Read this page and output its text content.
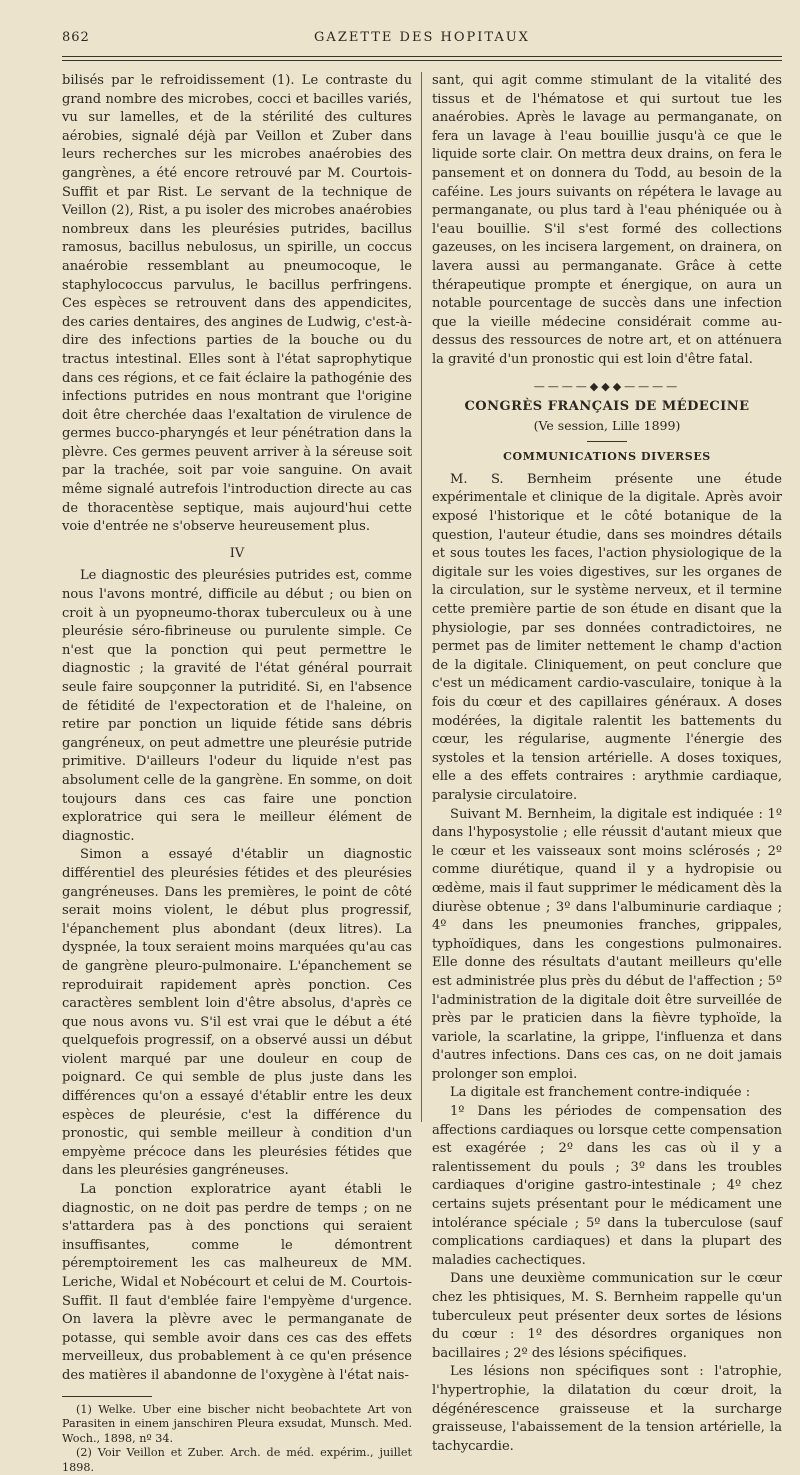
862	GAZETTE DES HOPITAUX

bilisés par le refroidissement (1). Le contraste du grand nombre des microbes, cocci et bacilles variés, vu sur lamelles, et de la stérilité des cultures aérobies, signalé déjà par Veillon et Zuber dans leurs recherches sur les microbes anaérobies des gangrènes, a été encore retrouvé par M. Courtois-Suffit et par Rist. Le servant de la technique de Veillon (2), Rist, a pu isoler des microbes anaérobies nombreux dans les pleurésies putrides, bacillus ramosus, bacillus nebulosus, un spirille, un coccus anaérobie ressemblant au pneumocoque, le staphylococcus parvulus, le bacillus perfringens. Ces espèces se retrouvent dans des appendicites, des caries dentaires, des angines de Ludwig, c'est-à-dire des infections parties de la bouche ou du tractus intestinal. Elles sont à l'état saprophytique dans ces régions, et ce fait éclaire la pathogénie des infections putrides en nous montrant que l'origine doit être cherchée daas l'exaltation de virulence de germes bucco-pharyngés et leur pénétration dans la plèvre. Ces germes peuvent arriver à la séreuse soit par la trachée, soit par voie sanguine. On avait même signalé autrefois l'introduction directe au cas de thoracentèse septique, mais aujourd'hui cette voie d'entrée ne s'observe heureusement plus.

IV

Le diagnostic des pleurésies putrides est, comme nous l'avons montré, difficile au début ; ou bien on croit à un pyopneumo-thorax tuberculeux ou à une pleurésie séro-fibrineuse ou purulente simple. Ce n'est que la ponction qui peut permettre le diagnostic ; la gravité de l'état général pourrait seule faire soupçonner la putridité. Si, en l'absence de fétidité de l'expectoration et de l'haleine, on retire par ponction un liquide fétide sans débris gangréneux, on peut admettre une pleurésie putride primitive. D'ailleurs l'odeur du liquide n'est pas absolument celle de la gangrène. En somme, on doit toujours dans ces cas faire une ponction exploratrice qui sera le meilleur élément de diagnostic.

Simon a essayé d'établir un diagnostic différentiel des pleurésies fétides et des pleurésies gangréneuses. Dans les premières, le point de côté serait moins violent, le début plus progressif, l'épanchement plus abondant (deux litres). La dyspnée, la toux seraient moins marquées qu'au cas de gangrène pleuro-pulmonaire. L'épanchement se reproduirait rapidement après ponction. Ces caractères semblent loin d'être absolus, d'après ce que nous avons vu. S'il est vrai que le début a été quelquefois progressif, on a observé aussi un début violent marqué par une douleur en coup de poignard. Ce qui semble de plus juste dans les différences qu'on a essayé d'établir entre les deux espèces de pleurésie, c'est la différence du pronostic, qui semble meilleur à condition d'un empyème précoce dans les pleurésies fétides que dans les pleurésies gangréneuses.

La ponction exploratrice ayant établi le diagnostic, on ne doit pas perdre de temps ; on ne s'attardera pas à des ponctions qui seraient insuffisantes, comme le démontrent péremptoirement les cas malheureux de MM. Leriche, Widal et Nobécourt et celui de M. Courtois-Suffit. Il faut d'emblée faire l'empyème d'urgence. On lavera la plèvre avec le permanganate de potasse, qui semble avoir dans ces cas des effets merveilleux, dus probablement à ce qu'en présence des matières il abandonne de l'oxygène à l'état nais-

(1) Welke. Uber eine bischer nicht beobachtete Art von Parasiten in einem janschiren Pleura exsudat, Munsch. Med. Woch., 1898, nº 34.

(2) Voir Veillon et Zuber. Arch. de méd. expérim., juillet 1898.

sant, qui agit comme stimulant de la vitalité des tissus et de l'hématose et qui surtout tue les anaérobies. Après le lavage au permanganate, on fera un lavage à l'eau bouillie jusqu'à ce que le liquide sorte clair. On mettra deux drains, on fera le pansement et on donnera du Todd, au besoin de la caféine. Les jours suivants on répétera le lavage au permanganate, ou plus tard à l'eau phéniquée ou à l'eau bouillie. S'il s'est formé des collections gazeuses, on les incisera largement, on drainera, on lavera aussi au permanganate. Grâce à cette thérapeutique prompte et énergique, on aura un notable pourcentage de succès dans une infection que la vieille médecine considérait comme au-dessus des ressources de notre art, et on atténuera la gravité d'un pronostic qui est loin d'être fatal.

————◆◆◆————
CONGRÈS FRANÇAIS DE MÉDECINE
(Ve session, Lille 1899)
COMMUNICATIONS DIVERSES

M. S. Bernheim présente une étude expérimentale et clinique de la digitale. Après avoir exposé l'historique et le côté botanique de la question, l'auteur étudie, dans ses moindres détails et sous toutes les faces, l'action physiologique de la digitale sur les voies digestives, sur les organes de la circulation, sur le système nerveux, et il termine cette première partie de son étude en disant que la physiologie, par ses données contradictoires, ne permet pas de limiter nettement le champ d'action de la digitale. Cliniquement, on peut conclure que c'est un médicament cardio-vasculaire, tonique à la fois du cœur et des capillaires généraux. A doses modérées, la digitale ralentit les battements du cœur, les régularise, augmente l'énergie des systoles et la tension artérielle. A doses toxiques, elle a des effets contraires : arythmie cardiaque, paralysie circulatoire.

Suivant M. Bernheim, la digitale est indiquée : 1º dans l'hyposystolie ; elle réussit d'autant mieux que le cœur et les vaisseaux sont moins sclérosés ; 2º comme diurétique, quand il y a hydropisie ou œdème, mais il faut supprimer le médicament dès la diurèse obtenue ; 3º dans l'albuminurie cardiaque ; 4º dans les pneumonies franches, grippales, typhoïdiques, dans les congestions pulmonaires. Elle donne des résultats d'autant meilleurs qu'elle est administrée plus près du début de l'affection ; 5º l'administration de la digitale doit être surveillée de près par le praticien dans la fièvre typhoïde, la variole, la scarlatine, la grippe, l'influenza et dans d'autres infections. Dans ces cas, on ne doit jamais prolonger son emploi.

La digitale est franchement contre-indiquée :

1º Dans les périodes de compensation des affections cardiaques ou lorsque cette compensation est exagérée ; 2º dans les cas où il y a ralentissement du pouls ; 3º dans les troubles cardiaques d'origine gastro-intestinale ; 4º chez certains sujets présentant pour le médicament une intolérance spéciale ; 5º dans la tuberculose (sauf complications cardiaques) et dans la plupart des maladies cachectiques.

Dans une deuxième communication sur le cœur chez les phtisiques, M. S. Bernheim rappelle qu'un tuberculeux peut présenter deux sortes de lésions du cœur : 1º des désordres organiques non bacillaires ; 2º des lésions spécifiques.

Les lésions non spécifiques sont : l'atrophie, l'hypertrophie, la dilatation du cœur droit, la dégénérescence graisseuse et la surcharge graisseuse, l'abaissement de la tension artérielle, la tachycardie.
